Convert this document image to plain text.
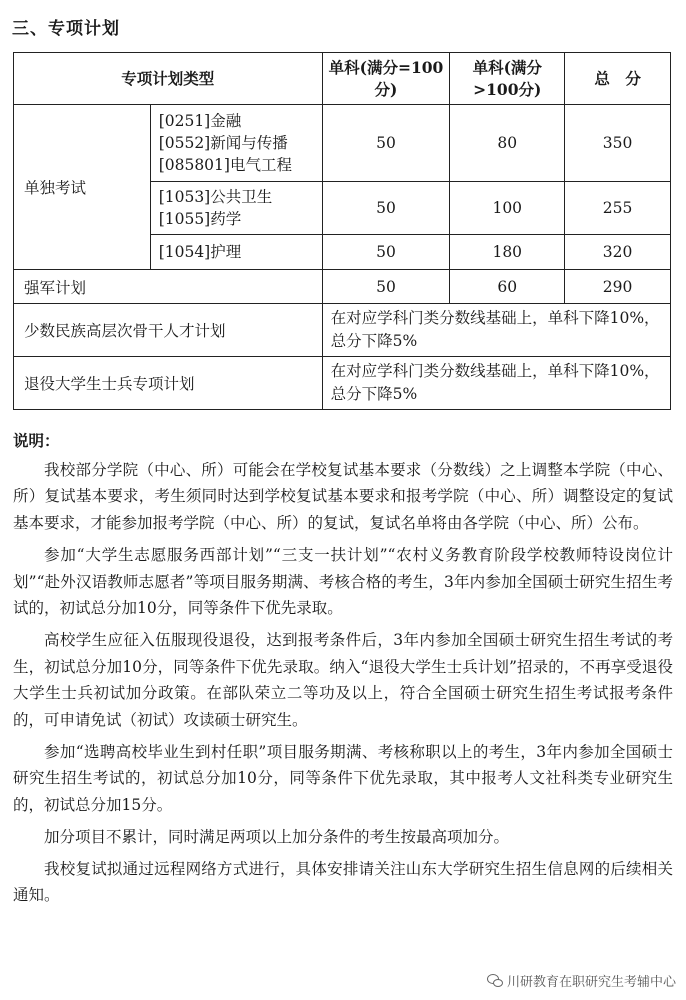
三、专项计划
专项计划类型		单科(满分=100分)	单科(满分>100分)	总　分
单独考试	[0251]金融
[0552]新闻与传播
[085801]电气工程	50	80	350

	[1053]公共卫生
[1055]药学	50	100	255

	[1054]护理	50	180	320
强军计划		50	60	290
少数民族高层次骨干人才计划		在对应学科门类分数线基础上，单科下降10%，总分下降5%		
退役大学生士兵专项计划		在对应学科门类分数线基础上，单科下降10%，总分下降5%		
说明：

我校部分学院（中心、所）可能会在学校复试基本要求（分数线）之上调整本学院（中心、所）复试基本要求，考生须同时达到学校复试基本要求和报考学院（中心、所）调整设定的复试基本要求，才能参加报考学院（中心、所）的复试，复试名单将由各学院（中心、所）公布。

参加“大学生志愿服务西部计划”“三支一扶计划”“农村义务教育阶段学校教师特设岗位计划”“赴外汉语教师志愿者”等项目服务期满、考核合格的考生，3年内参加全国硕士研究生招生考试的，初试总分加10分，同等条件下优先录取。

高校学生应征入伍服现役退役，达到报考条件后，3年内参加全国硕士研究生招生考试的考生，初试总分加10分，同等条件下优先录取。纳入“退役大学生士兵计划”招录的，不再享受退役大学生士兵初试加分政策。在部队荣立二等功及以上，符合全国硕士研究生招生考试报考条件的，可申请免试（初试）攻读硕士研究生。

参加“选聘高校毕业生到村任职”项目服务期满、考核称职以上的考生，3年内参加全国硕士研究生招生考试的，初试总分加10分，同等条件下优先录取，其中报考人文社科类专业研究生的，初试总分加15分。

加分项目不累计，同时满足两项以上加分条件的考生按最高项加分。

我校复试拟通过远程网络方式进行，具体安排请关注山东大学研究生招生信息网的后续相关通知。

川研教育在职研究生考辅中心
